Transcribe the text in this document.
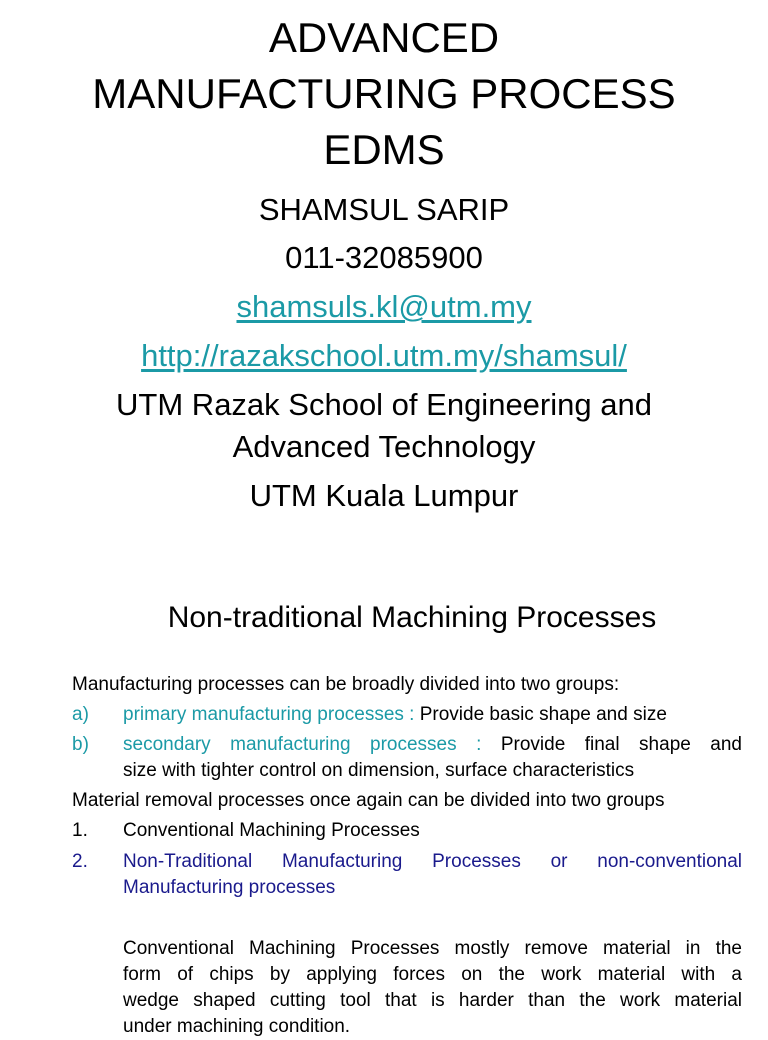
ADVANCED
MANUFACTURING PROCESS
EDMS
SHAMSUL SARIP
011-32085900
shamsuls.kl@utm.my
http://razakschool.utm.my/shamsul/
UTM Razak School of Engineering and
Advanced Technology
UTM Kuala Lumpur
Non-traditional Machining Processes
Manufacturing processes can be broadly divided into two groups:
a) primary manufacturing processes : Provide basic shape and size
b) secondary manufacturing processes : Provide final shape and
size with tighter control on dimension, surface characteristics
Material removal processes once again can be divided into two groups
1. Conventional Machining Processes
2. Non-Traditional Manufacturing Processes or non-conventional
Manufacturing processes
Conventional Machining Processes mostly remove material in the
form of chips by applying forces on the work material with a
wedge shaped cutting tool that is harder than the work material
under machining condition.
